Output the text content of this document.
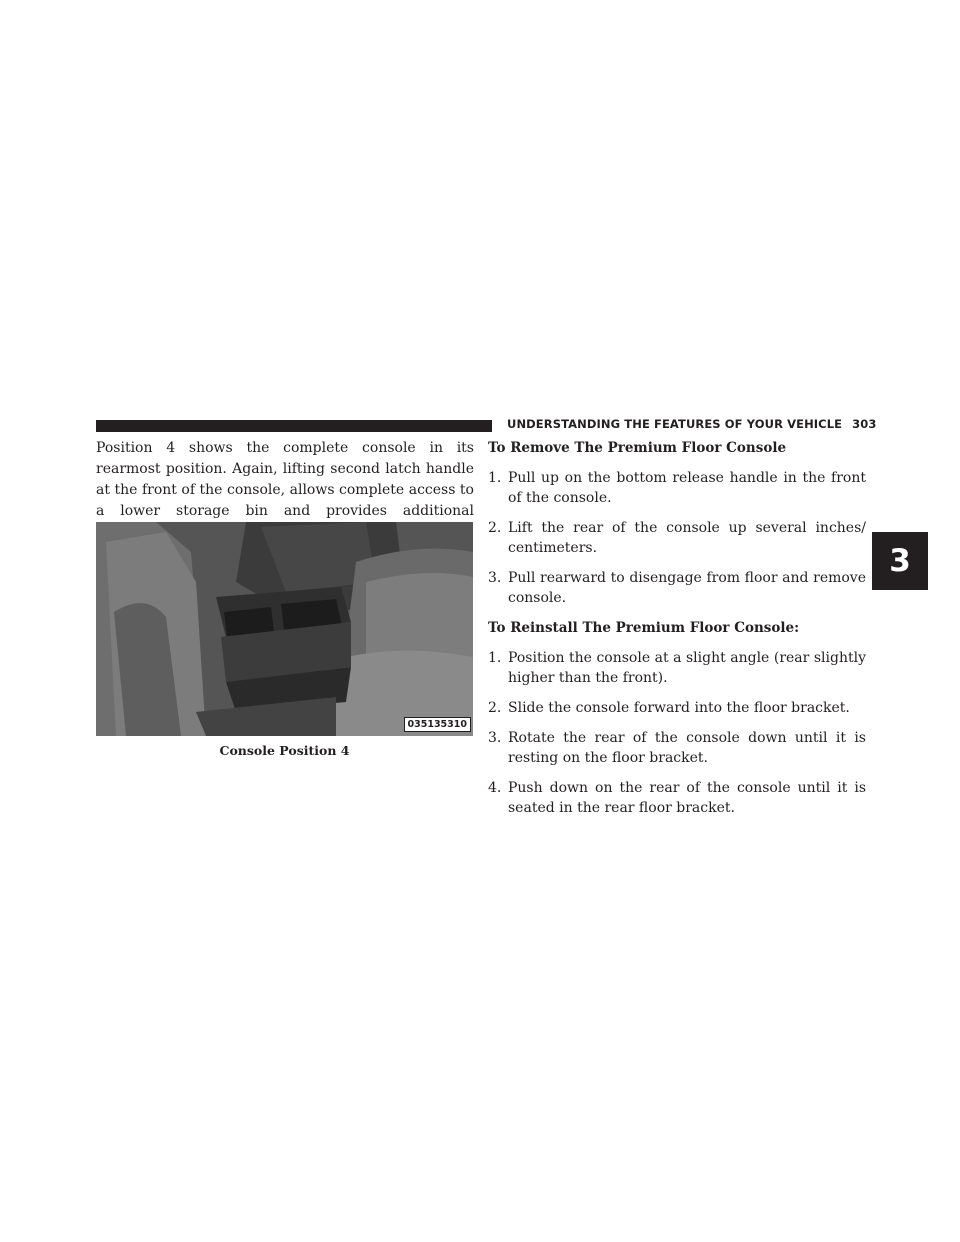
UNDERSTANDING THE FEATURES OF YOUR VEHICLE 303
3

Position 4 shows the complete console in its rearmost position. Again, lifting second latch handle at the front of the console, allows complete access to a lower storage bin and provides additional

035135310
Console Position 4
To Remove The Premium Floor Console
1. Pull up on the bottom release handle in the front of the console.
2. Lift the rear of the console up several inches/ centimeters.
3. Pull rearward to disengage from floor and remove console.
To Reinstall The Premium Floor Console:
1. Position the console at a slight angle (rear slightly higher than the front).
2. Slide the console forward into the floor bracket.
3. Rotate the rear of the console down until it is resting on the floor bracket.
4. Push down on the rear of the console until it is seated in the rear floor bracket.
